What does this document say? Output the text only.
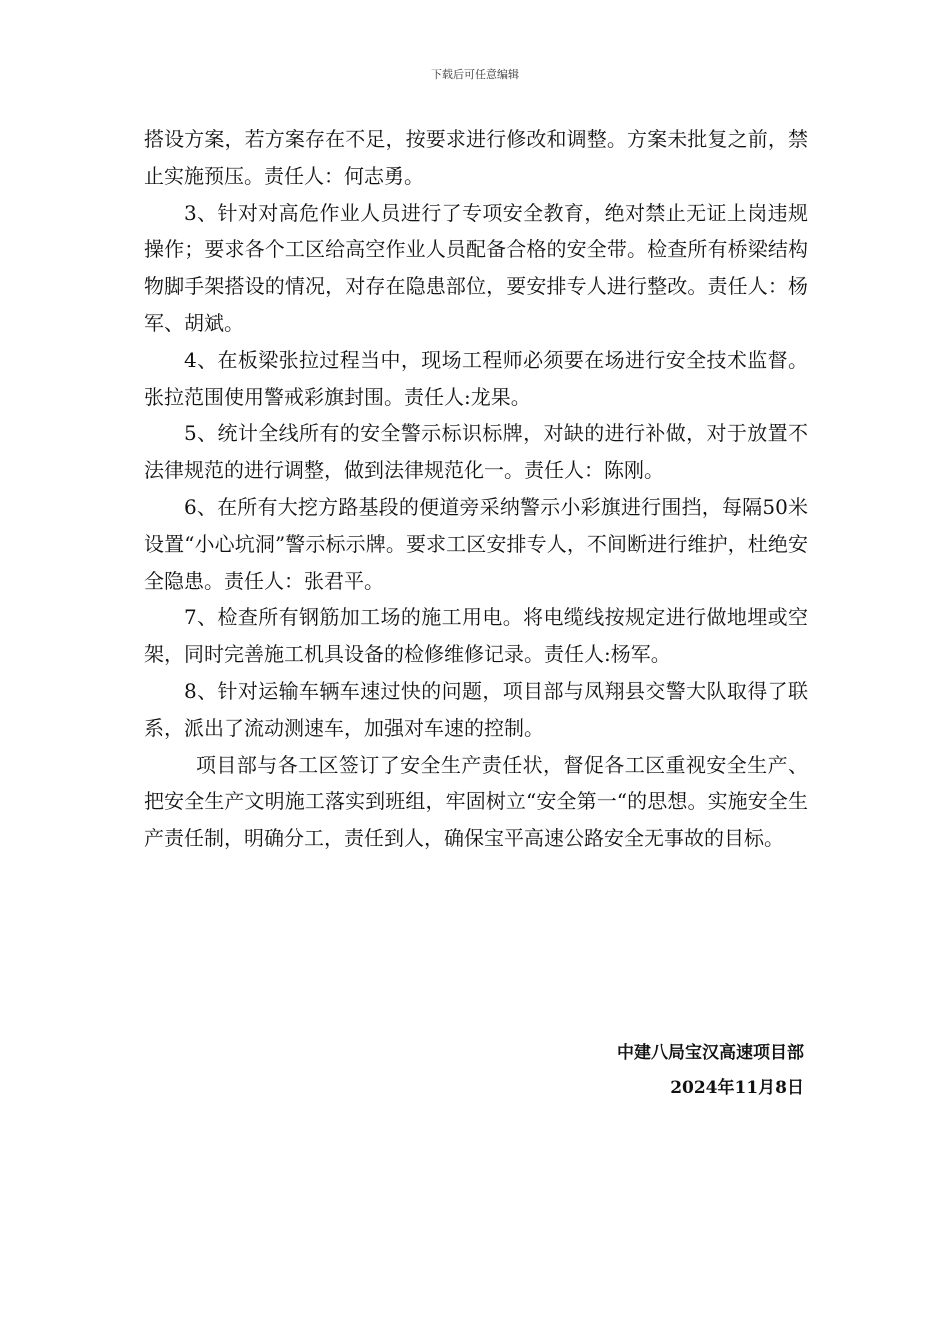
下载后可任意编辑

搭设方案，若方案存在不足，按要求进行修改和调整。方案未批复之前，禁止实施预压。责任人：何志勇。

3、针对对高危作业人员进行了专项安全教育，绝对禁止无证上岗违规操作；要求各个工区给高空作业人员配备合格的安全带。检查所有桥梁结构物脚手架搭设的情况，对存在隐患部位，要安排专人进行整改。责任人：杨军、胡斌。

4、在板梁张拉过程当中，现场工程师必须要在场进行安全技术监督。张拉范围使用警戒彩旗封围。责任人:龙果。

5、统计全线所有的安全警示标识标牌，对缺的进行补做，对于放置不法律规范的进行调整，做到法律规范化一。责任人：陈刚。

6、在所有大挖方路基段的便道旁采纳警示小彩旗进行围挡，每隔50米设置“小心坑洞”警示标示牌。要求工区安排专人，不间断进行维护，杜绝安全隐患。责任人：张君平。

7、检查所有钢筋加工场的施工用电。将电缆线按规定进行做地埋或空架，同时完善施工机具设备的检修维修记录。责任人:杨军。

8、针对运输车辆车速过快的问题，项目部与凤翔县交警大队取得了联系，派出了流动测速车，加强对车速的控制。

项目部与各工区签订了安全生产责任状，督促各工区重视安全生产、把安全生产文明施工落实到班组，牢固树立“安全第一“的思想。实施安全生产责任制，明确分工，责任到人，确保宝平高速公路安全无事故的目标。

中建八局宝汉高速项目部
2024年11月8日
